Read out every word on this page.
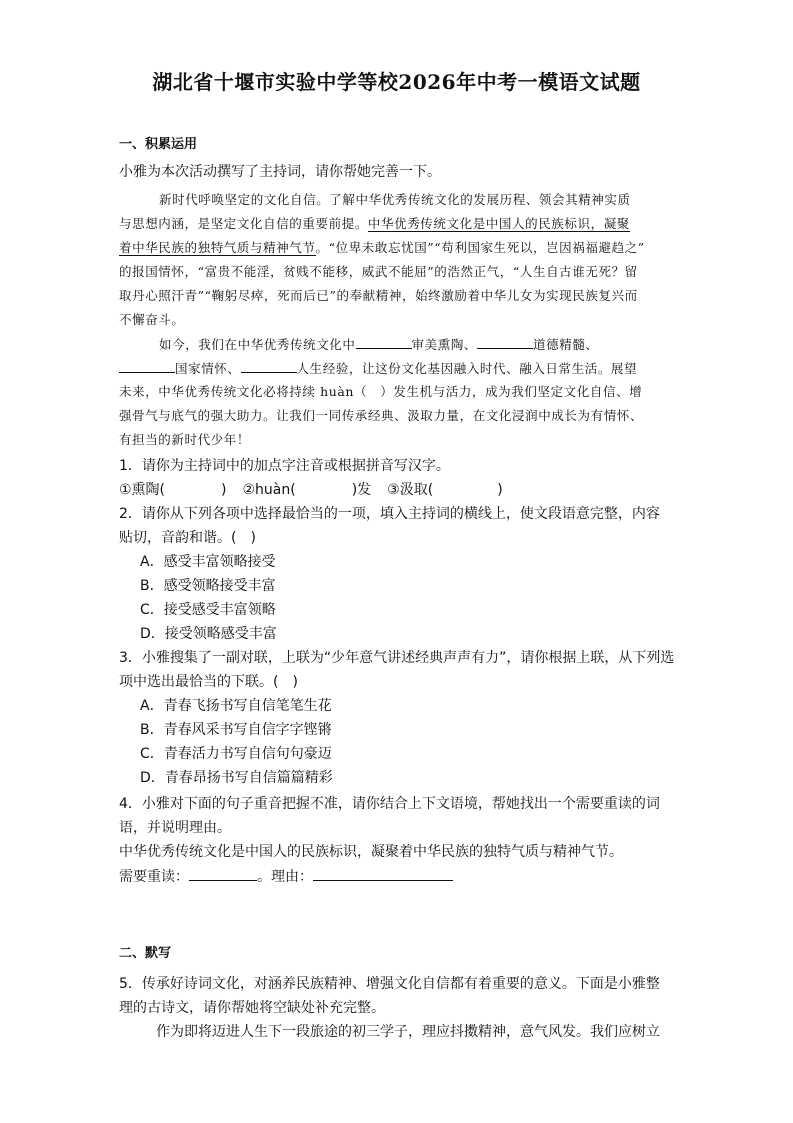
湖北省十堰市实验中学等校2026年中考一模语文试题
一、积累运用
小雅为本次活动撰写了主持词，请你帮她完善一下。
新时代呼唤坚定的文化自信。了解中华优秀传统文化的发展历程、领会其精神实质
与思想内涵，是坚定文化自信的重要前提。中华优秀传统文化是中国人的民族标识，凝聚
着中华民族的独特气质与精神气节。“位卑未敢忘忧国”“苟利国家生死以，岂因祸福避趋之”
的报国情怀，“富贵不能淫，贫贱不能移，威武不能屈”的浩然正气，“人生自古谁无死？留
取丹心照汗青”“鞠躬尽瘁，死而后已”的奉献精神，始终激励着中华儿女为实现民族复兴而
不懈奋斗。
如今，我们在中华优秀传统文化中	审美熏陶、	道德精髓、
国家情怀、	人生经验，让这份文化基因融入时代、融入日常生活。展望
未来，中华优秀传统文化必将持续 huàn（　）发生机与活力，成为我们坚定文化自信、增
强骨气与底气的强大助力。让我们一同传承经典、汲取力量，在文化浸润中成长为有情怀、
有担当的新时代少年！
1．请你为主持词中的加点字注音或根据拼音写汉字。
①熏陶(	) ②huàn(	)发 ③汲取(	)
2．请你从下列各项中选择最恰当的一项，填入主持词的横线上，使文段语意完整，内容
贴切，音韵和谐。(　)
A．感受丰富领略接受
B．感受领略接受丰富
C．接受感受丰富领略
D．接受领略感受丰富
3．小雅搜集了一副对联，上联为“少年意气讲述经典声声有力”，请你根据上联，从下列选
项中选出最恰当的下联。(　)
A．青春飞扬书写自信笔笔生花
B．青春风采书写自信字字铿锵
C．青春活力书写自信句句豪迈
D．青春昂扬书写自信篇篇精彩
4．小雅对下面的句子重音把握不准，请你结合上下文语境，帮她找出一个需要重读的词
语，并说明理由。
中华优秀传统文化是中国人的民族标识，凝聚着中华民族的独特气质与精神气节。
需要重读：	。理由：
二、默写
5．传承好诗词文化，对涵养民族精神、增强文化自信都有着重要的意义。下面是小雅整
理的古诗文，请你帮她将空缺处补充完整。
作为即将迈进人生下一段旅途的初三学子，理应抖擞精神，意气风发。我们应树立
